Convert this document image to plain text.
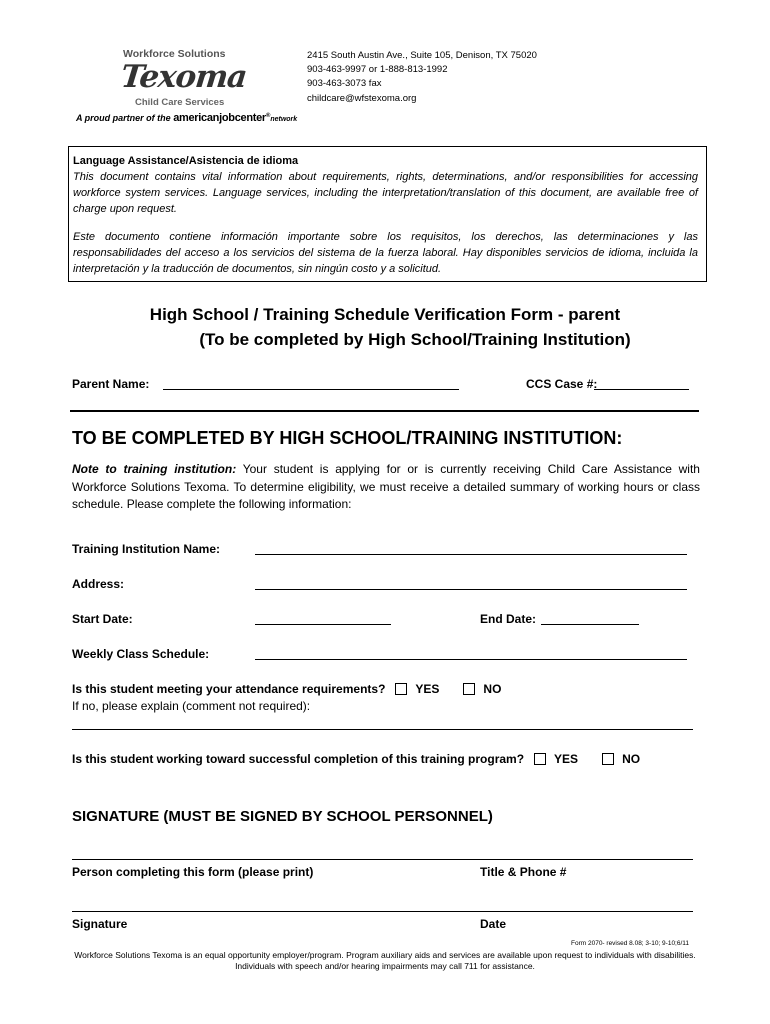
Workforce Solutions
Texoma
Child Care Services
A proud partner of the americanjobcenter®network
2415 South Austin Ave., Suite 105, Denison, TX 75020
903-463-9997 or 1-888-813-1992
903-463-3073 fax
childcare@wfstexoma.org
Language Assistance/Asistencia de idioma

This document contains vital information about requirements, rights, determinations, and/or responsibilities for accessing workforce system services. Language services, including the interpretation/translation of this document, are available free of charge upon request.

Este documento contiene información importante sobre los requisitos, los derechos, las determinaciones y las responsabilidades del acceso a los servicios del sistema de la fuerza laboral. Hay disponibles servicios de idioma, incluida la interpretación y la traducción de documentos, sin ningún costo y a solicitud.

High School / Training Schedule Verification Form - parent
(To be completed by High School/Training Institution)
Parent Name:	CCS Case #:
TO BE COMPLETED BY HIGH SCHOOL/TRAINING INSTITUTION:
Note to training institution: Your student is applying for or is currently receiving Child Care Assistance with Workforce Solutions Texoma. To determine eligibility, we must receive a detailed summary of working hours or class schedule. Please complete the following information:
Training Institution Name:
Address:
Start Date:	End Date:
Weekly Class Schedule:
Is this student meeting your attendance requirements?	YES	NO
If no, please explain (comment not required):
Is this student working toward successful completion of this training program?	YES	NO
SIGNATURE (MUST BE SIGNED BY SCHOOL PERSONNEL)
Person completing this form (please print)	Title & Phone #
Signature	Date
Form 2070- revised 8.08; 3-10; 9-10;6/11
Workforce Solutions Texoma is an equal opportunity employer/program. Program auxiliary aids and services are available upon request to individuals with disabilities. Individuals with speech and/or hearing impairments may call 711 for assistance.
